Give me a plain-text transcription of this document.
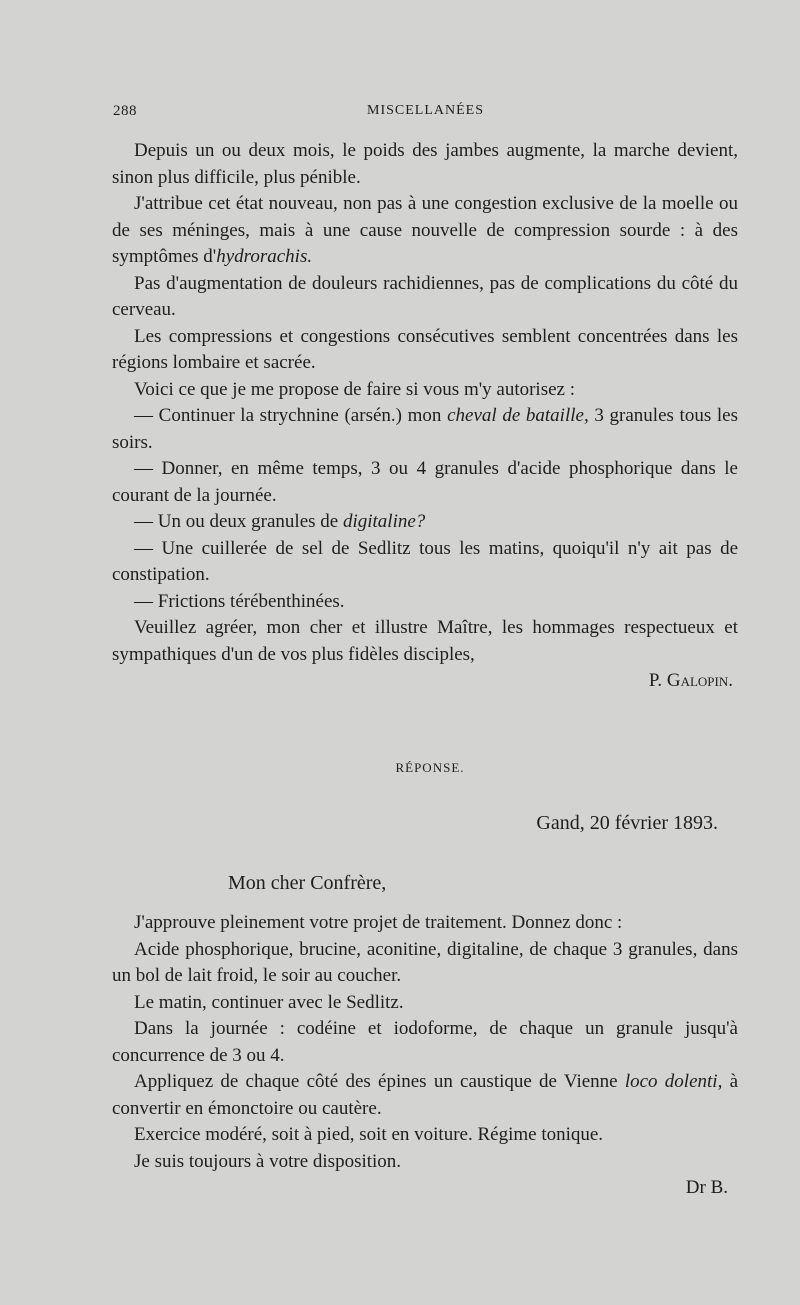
288	MISCELLANÉES

Depuis un ou deux mois, le poids des jambes augmente, la marche devient, sinon plus difficile, plus pénible.

J'attribue cet état nouveau, non pas à une congestion exclusive de la moelle ou de ses méninges, mais à une cause nouvelle de compression sourde : à des symptômes d'hydrorachis.

Pas d'augmentation de douleurs rachidiennes, pas de complications du côté du cerveau.

Les compressions et congestions consécutives semblent concentrées dans les régions lombaire et sacrée.

Voici ce que je me propose de faire si vous m'y autorisez :

— Continuer la strychnine (arsén.) mon cheval de bataille, 3 granules tous les soirs.

— Donner, en même temps, 3 ou 4 granules d'acide phosphorique dans le courant de la journée.

— Un ou deux granules de digitaline?

— Une cuillerée de sel de Sedlitz tous les matins, quoiqu'il n'y ait pas de constipation.

— Frictions térébenthinées.

Veuillez agréer, mon cher et illustre Maître, les hommages respectueux et sympathiques d'un de vos plus fidèles disciples,

P. Galopin.

RÉPONSE.
Gand, 20 février 1893.
Mon cher Confrère,

J'approuve pleinement votre projet de traitement. Donnez donc :

Acide phosphorique, brucine, aconitine, digitaline, de chaque 3 granules, dans un bol de lait froid, le soir au coucher.

Le matin, continuer avec le Sedlitz.

Dans la journée : codéine et iodoforme, de chaque un granule jusqu'à concurrence de 3 ou 4.

Appliquez de chaque côté des épines un caustique de Vienne loco dolenti, à convertir en émonctoire ou cautère.

Exercice modéré, soit à pied, soit en voiture. Régime tonique.

Je suis toujours à votre disposition.

Dr B.
